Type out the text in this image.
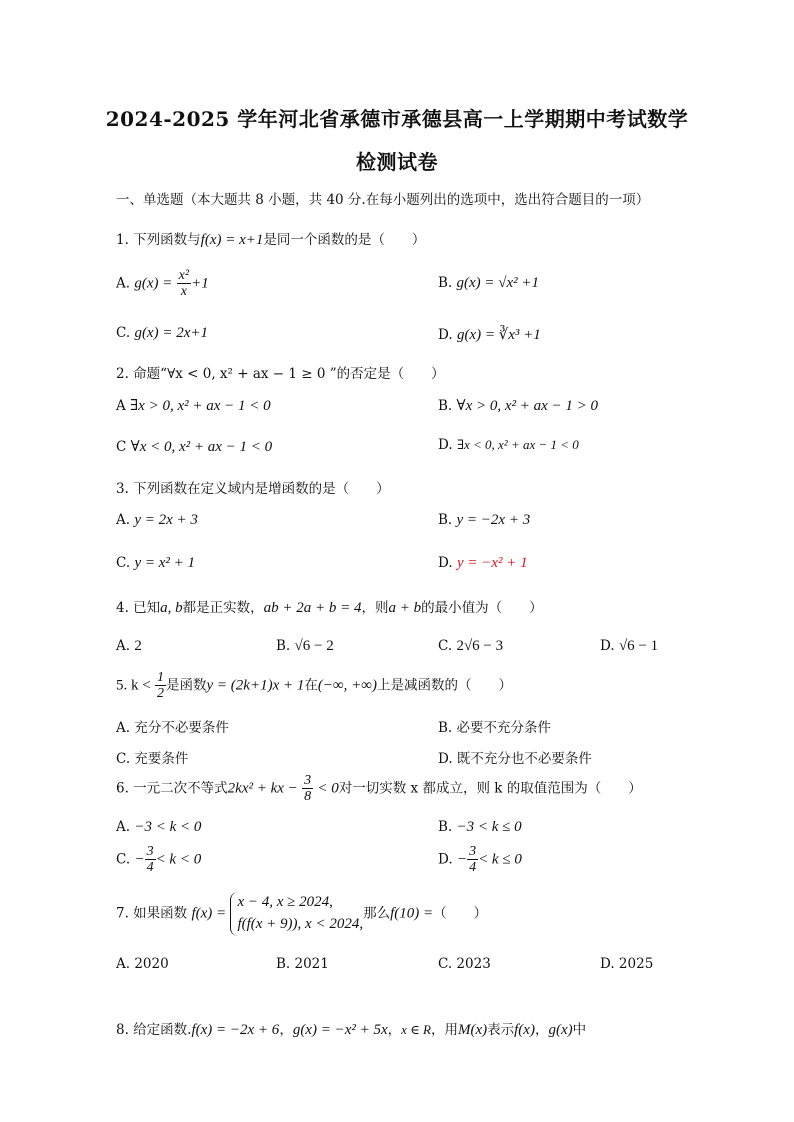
2024-2025 学年河北省承德市承德县高一上学期期中考试数学
检测试卷
一、单选题（本大题共 8 小题，共 40 分.在每小题列出的选项中，选出符合题目的一项）
1. 下列函数与f(x) = x+1是同一个函数的是（　　）
A. $g(x) = \frac{\text{x²}}{x} +1$	B. g(x) = √x² +1
C. g(x) = 2x+1	D. g(x) = ∛x³ +1
2. 命题“∀x < 0, x² + ax − 1 ≥ 0 ”的否定是（　　）
A ∃x > 0, x² + ax − 1 < 0	B. ∀x > 0, x² + ax − 1 > 0
C ∀x < 0, x² + ax − 1 < 0	D. ∃x < 0, x² + ax − 1 < 0
3. 下列函数在定义域内是增函数的是（　　）
A. y = 2x + 3	B. y = −2x + 3
C. y = x² + 1	D. y = −x² + 1
4. 已知a, b都是正实数，ab + 2a + b = 4，则a + b的最小值为（　　）
A. 2	B. √6 − 2	C. 2√6 − 3	D. √6 − 1
5. $k < \frac{1}{2}$ 是函数y = (2k+1)x + 1在(−∞, +∞)上是减函数的（　　）
A. 充分不必要条件	B. 必要不充分条件
C. 充要条件	D. 既不充分也不必要条件
6. 一元二次不等式2kx² + kx − $\frac{3}{8} < 0$对一切实数 x 都成立，则 k 的取值范围为（　　）
A. −3 < k < 0	B. −3 < k ≤ 0
C. − $\frac{3}{4} < k < 0$	D. − $\frac{3}{4} < k \le 0$
7. 如果函数 f(x) =
x − 4, x ≥ 2024,
f(f(x + 9)), x < 2024,
那么f(10) =（　　）
A. 2020	B. 2021	C. 2023	D. 2025
8. 给定函数.f(x) = −2x + 6，g(x) = −x² + 5x，x ∈ R，用M(x)表示f(x)，g(x)中
